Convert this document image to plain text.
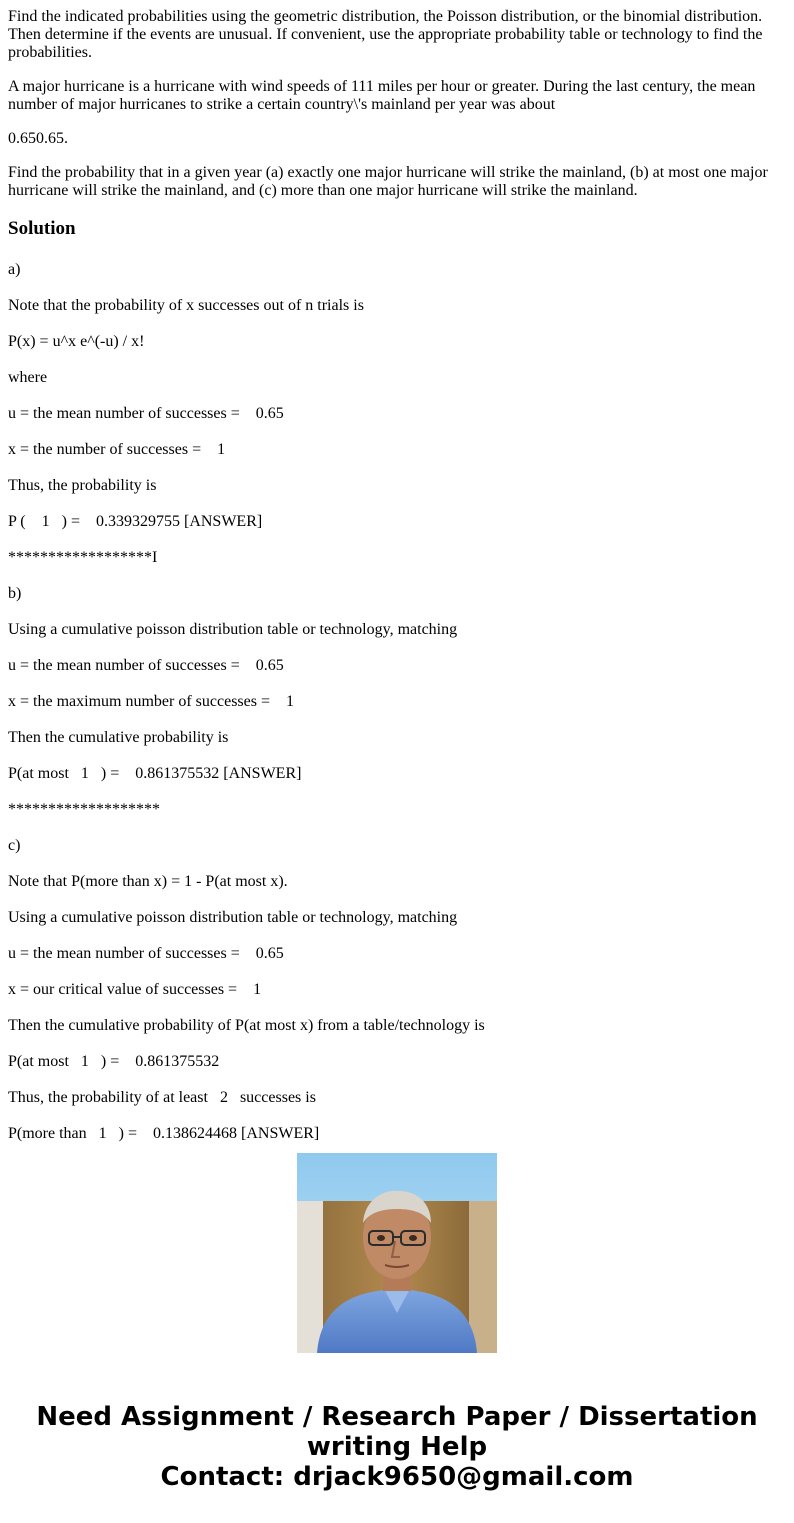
Find the indicated probabilities using the geometric distribution, the Poisson distribution, or the binomial distribution. Then determine if the events are unusual. If convenient, use the appropriate probability table or technology to find the probabilities.

A major hurricane is a hurricane with wind speeds of 111 miles per hour or greater. During the last century, the mean number of major hurricanes to strike a certain country\'s mainland per year was about

0.650.65.

Find the probability that in a given year (a) exactly one major hurricane will strike the mainland, (b) at most one major hurricane will strike the mainland, and (c) more than one major hurricane will strike the mainland.

Solution

a)

Note that the probability of x successes out of n trials is

P(x) = u^x e^(-u) / x!

where

u = the mean number of successes =    0.65

x = the number of successes =    1

Thus, the probability is

P (    1   ) =    0.339329755 [ANSWER]

******************I

b)

Using a cumulative poisson distribution table or technology, matching

u = the mean number of successes =    0.65

x = the maximum number of successes =    1

Then the cumulative probability is

P(at most   1   ) =    0.861375532 [ANSWER]

*******************

c)

Note that P(more than x) = 1 - P(at most x).

Using a cumulative poisson distribution table or technology, matching

u = the mean number of successes =    0.65

x = our critical value of successes =    1

Then the cumulative probability of P(at most x) from a table/technology is

P(at most   1   ) =    0.861375532

Thus, the probability of at least   2   successes is

P(more than   1   ) =    0.138624468 [ANSWER]

Need Assignment / Research Paper / Dissertation
writing Help
Contact: drjack9650@gmail.com
